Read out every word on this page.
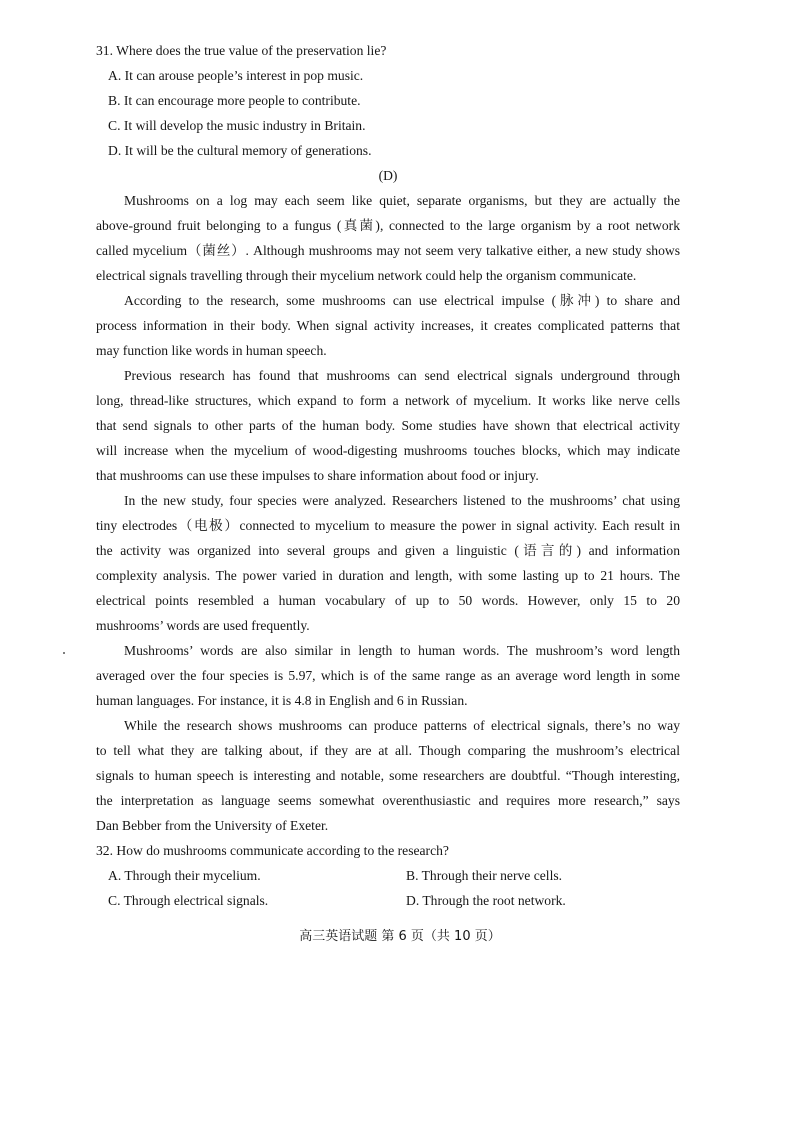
31. Where does the true value of the preservation lie?
A. It can arouse people’s interest in pop music.
B. It can encourage more people to contribute.
C. It will develop the music industry in Britain.
D. It will be the cultural memory of generations.
(D)
Mushrooms on a log may each seem like quiet, separate organisms, but they are actually the
above-ground fruit belonging to a fungus (真菌), connected to the large organism by a root network
called mycelium（菌丝）. Although mushrooms may not seem very talkative either, a new study shows
electrical signals travelling through their mycelium network could help the organism communicate.
According to the research, some mushrooms can use electrical impulse (脉冲) to share and
process information in their body. When signal activity increases, it creates complicated patterns that
may function like words in human speech.
Previous research has found that mushrooms can send electrical signals underground through
long, thread-like structures, which expand to form a network of mycelium. It works like nerve cells
that send signals to other parts of the human body. Some studies have shown that electrical activity
will increase when the mycelium of wood-digesting mushrooms touches blocks, which may indicate
that mushrooms can use these impulses to share information about food or injury.
In the new study, four species were analyzed. Researchers listened to the mushrooms’ chat using
tiny electrodes（电极）connected to mycelium to measure the power in signal activity. Each result in
the activity was organized into several groups and given a linguistic (语言的) and information
complexity analysis. The power varied in duration and length, with some lasting up to 21 hours. The
electrical points resembled a human vocabulary of up to 50 words. However, only 15 to 20
mushrooms’ words are used frequently.
Mushrooms’ words are also similar in length to human words. The mushroom’s word length
averaged over the four species is 5.97, which is of the same range as an average word length in some
human languages. For instance, it is 4.8 in English and 6 in Russian.
While the research shows mushrooms can produce patterns of electrical signals, there’s no way
to tell what they are talking about, if they are at all. Though comparing the mushroom’s electrical
signals to human speech is interesting and notable, some researchers are doubtful. “Though interesting,
the interpretation as language seems somewhat overenthusiastic and requires more research,” says
Dan Bebber from the University of Exeter.
32. How do mushrooms communicate according to the research?
A. Through their mycelium.	B. Through their nerve cells.
C. Through electrical signals.	D. Through the root network.
高三英语试题 第 6 页（共 10 页）
